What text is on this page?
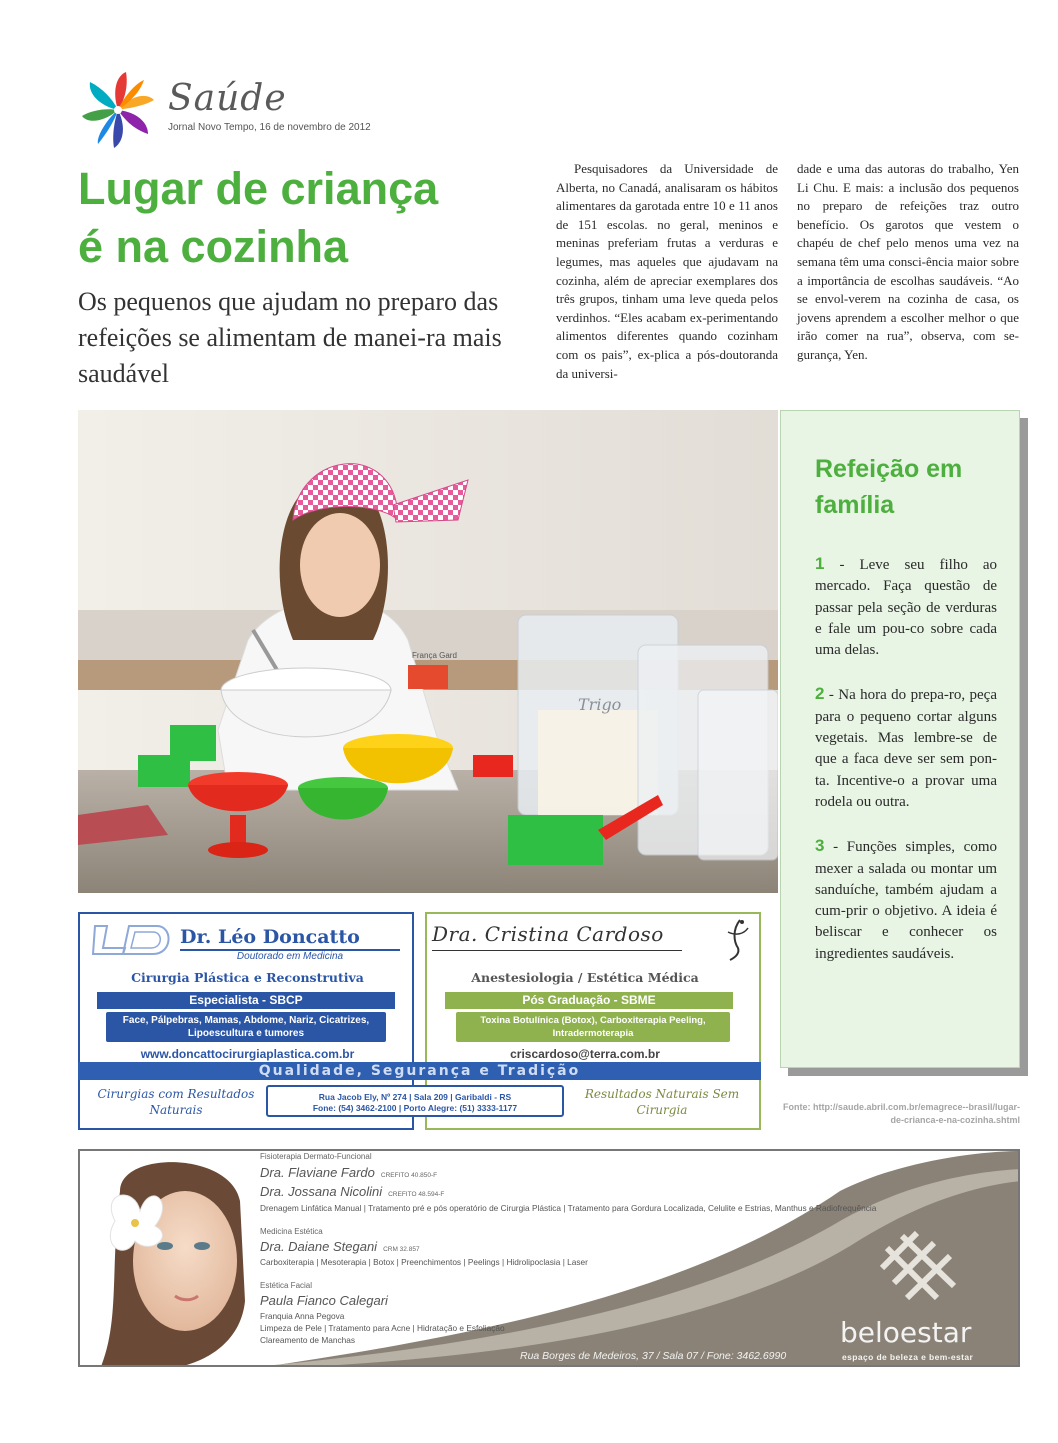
Saúde
Jornal Novo Tempo, 16 de novembro de 2012
Lugar de criança
é na cozinha
Os pequenos que ajudam no preparo das refeições se alimentam de manei-ra mais saudável

Pesquisadores da Universidade de Alberta, no Canadá, analisaram os hábitos alimentares da garotada entre 10 e 11 anos de 151 escolas. no geral, meninos e meninas preferiam frutas a verduras e legumes, mas aqueles que ajudavam na cozinha, além de apreciar exemplares dos três grupos, tinham uma leve queda pelos verdinhos. “Eles acabam ex-perimentando alimentos diferentes quando cozinham com os pais”, ex-plica a pós-doutoranda da universi-

dade e uma das autoras do trabalho, Yen Li Chu. E mais: a inclusão dos pequenos no preparo de refeições traz outro benefício. Os garotos que vestem o chapéu de chef pelo menos uma vez na semana têm uma consci-ência maior sobre a importância de escolhas saudáveis. “Ao se envol-verem na cozinha de casa, os jovens aprendem a escolher melhor o que irão comer na rua”, observa, com se-gurança, Yen.

França Gard
Trigo
Refeição em família

1 - Leve seu filho ao mercado. Faça questão de passar pela seção de verduras e fale um pou-co sobre cada uma delas.

2 - Na hora do prepa-ro, peça para o pequeno cortar alguns vegetais. Mas lembre-se de que a faca deve ser sem pon-ta. Incentive-o a provar uma rodela ou outra.

3 - Funções simples, como mexer a salada ou montar um sanduíche, também ajudam a cum-prir o objetivo. A ideia é beliscar e conhecer os ingredientes saudáveis.

Fonte: http://saude.abril.com.br/emagrece--brasil/lugar-de-crianca-e-na-cozinha.shtml
Dr. Léo Doncatto
Doutorado em Medicina
Cirurgia Plástica e Reconstrutiva
Especialista - SBCP
Face, Pálpebras, Mamas, Abdome, Nariz, Cicatrizes, Lipoescultura e tumores
www.doncattocirurgiaplastica.com.br
Dra. Cristina Cardoso
Anestesiologia / Estética Médica
Pós Graduação - SBME
Toxina Botulínica (Botox), Carboxiterapia Peeling, Intradermoterapia
criscardoso@terra.com.br
Qualidade, Segurança e Tradição
Rua Jacob Ely, Nº 274 | Sala 209 | Garibaldi - RS
Fone: (54) 3462-2100 | Porto Alegre: (51) 3333-1177
Cirurgias com Resultados Naturais
Resultados Naturais Sem Cirurgia
Fisioterapia Dermato-Funcional
Dra. Flaviane Fardo CREFITO 40.850-F
Dra. Jossana Nicolini CREFITO 48.594-F
Drenagem Linfática Manual | Tratamento pré e pós operatório de Cirurgia Plástica | Tratamento para Gordura Localizada, Celulite e Estrias, Manthus e Radiofrequência
Medicina Estética
Dra. Daiane Stegani CRM 32.857
Carboxiterapia | Mesoterapia | Botox | Preenchimentos | Peelings | Hidrolipoclasia | Laser
Estética Facial
Paula Fianco Calegari
Franquia Anna Pegova
Limpeza de Pele | Tratamento para Acne | Hidratação e Esfoliação
Clareamento de Manchas	beloestar
espaço de beleza e bem-estar
Rua Borges de Medeiros, 37 / Sala 07 / Fone: 3462.6990
